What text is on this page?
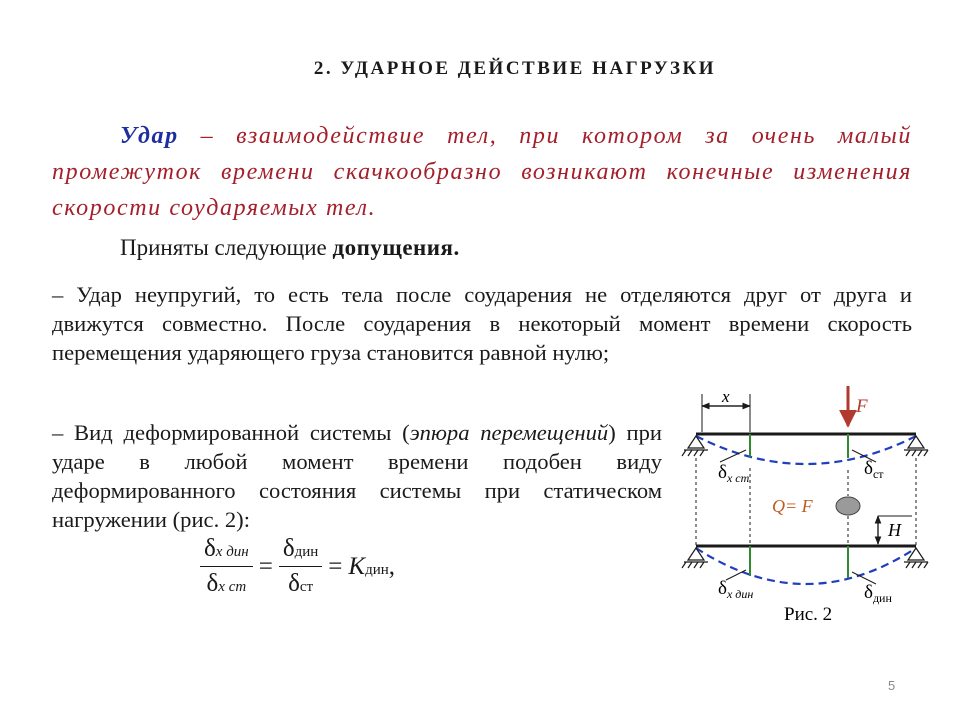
2. УДАРНОЕ ДЕЙСТВИЕ НАГРУЗКИ
Удар – взаимодействие тел, при котором за очень малый промежуток времени скачкообразно возникают конечные изменения скорости соударяемых тел.
Приняты следующие допущения.
– Удар неупругий, то есть тела после соударения не отделяются друг от друга и движутся совместно. После соударения в некоторый момент времени скорость перемещения ударяющего груза становится равной нулю;
– Вид деформированной системы (эпюра перемещений) при ударе в любой момент времени подобен виду деформированного состояния системы при статическом нагружении (рис. 2):
$\frac{\text{δx дин}}{\text{δx ст}} = \frac{\text{δдин}}{\text{δст}}$ = Kдин,
x	F
$\delta_{x ст}$	$\delta_{ст}$
Q= F
H
$\delta_{x дин}$	$\delta_{дин}$
Рис. 2
5
